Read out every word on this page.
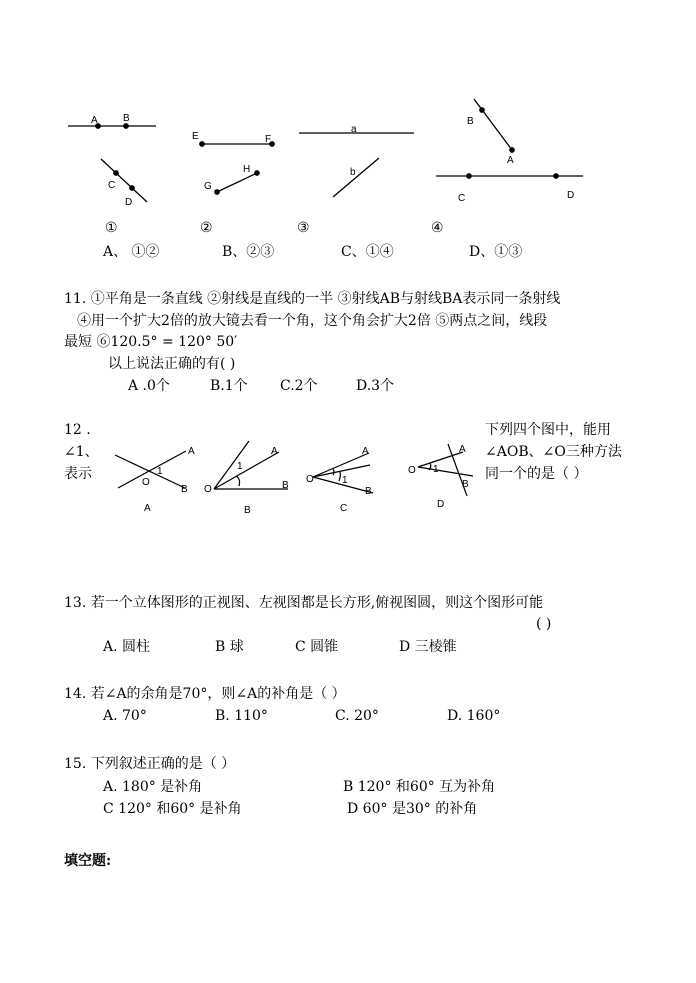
A	B
C
D
E	F
G
H
a
b
B
A
C	D
①	②	③	④
A、 ①②	B、②③	C、①④	D、①③
11. ①平角是一条直线 ②射线是直线的一半 ③射线AB与射线BA表示同一条射线
④用一个扩大2倍的放大镜去看一个角，这个角会扩大2倍 ⑤两点之间，线段
最短 ⑥120.5° = 120° 50′
以上说法正确的有( )
A .0个	B.1个 C.2个	D.3个
12 .
∠1、
表示
下列四个图中，能用
∠AOB、∠O三种方法
同一个的是（ ）
A
B
O
1
A
A
B
O
1
B
A
B
O	1
C
A
B
O 1
D
13. 若一个立体图形的正视图、左视图都是长方形,俯视图圆，则这个图形可能
( )
A. 圆柱	B 球	C 圆锥	D 三棱锥
14. 若∠A的余角是70°，则∠A的补角是（ ）
A. 70°	B. 110°	C. 20°	D. 160°
15. 下列叙述正确的是（ ）
A. 180° 是补角	B 120° 和60° 互为补角
C 120° 和60° 是补角	D 60° 是30° 的补角
填空题:
